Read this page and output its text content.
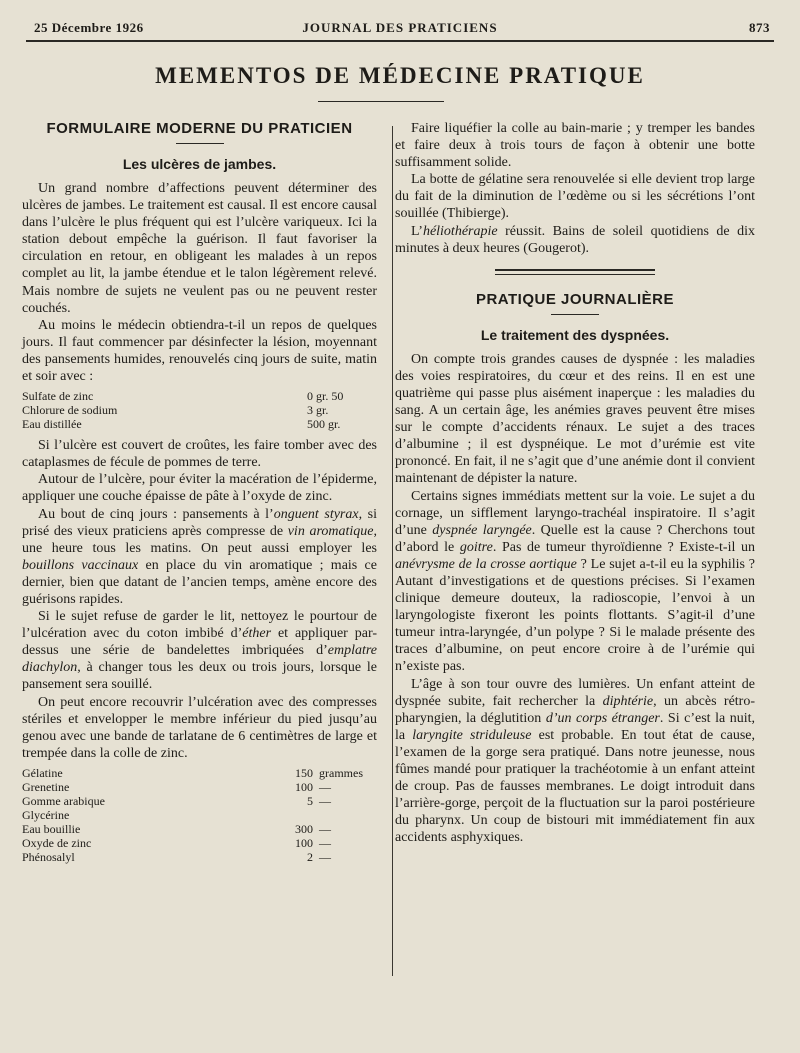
25 Décembre 1926	JOURNAL DES PRATICIENS	873
MEMENTOS DE MÉDECINE PRATIQUE
FORMULAIRE MODERNE DU PRATICIEN
Les ulcères de jambes.

Un grand nombre d’affections peuvent déterminer des ulcères de jambes. Le traitement est causal. Il est encore causal dans l’ulcère le plus fréquent qui est l’ulcère variqueux. Ici la station debout empêche la guérison. Il faut favoriser la circulation en retour, en obligeant les malades à un repos complet au lit, la jambe étendue et le talon légèrement relevé. Mais nombre de sujets ne veulent pas ou ne peuvent rester couchés.

Au moins le médecin obtiendra-t-il un repos de quelques jours. Il faut commencer par désinfecter la lésion, moyennant des pansements humides, renouvelés cinq jours de suite, matin et soir avec :

Sulfate de zinc	0 gr. 50
Chlorure de sodium	3 gr.
Eau distillée	500 gr.

Si l’ulcère est couvert de croûtes, les faire tomber avec des cataplasmes de fécule de pommes de terre.

Autour de l’ulcère, pour éviter la macération de l’épiderme, appliquer une couche épaisse de pâte à l’oxyde de zinc.

Au bout de cinq jours : pansements à l’onguent styrax, si prisé des vieux praticiens après compresse de vin aromatique, une heure tous les matins. On peut aussi employer les bouillons vaccinaux en place du vin aromatique ; mais ce dernier, bien que datant de l’ancien temps, amène encore des guérisons rapides.

Si le sujet refuse de garder le lit, nettoyez le pourtour de l’ulcération avec du coton imbibé d’éther et appliquer par-dessus une série de bandelettes imbriquées d’emplatre diachylon, à changer tous les deux ou trois jours, lorsque le pansement sera souillé.

On peut encore recouvrir l’ulcération avec des compresses stériles et envelopper le membre inférieur du pied jusqu’au genou avec une bande de tarlatane de 6 centimètres de large et trempée dans la colle de zinc.

Gélatine	150 grammes
Grenetine	100 —
Gomme arabique	5 —
Glycérine
Eau bouillie	300 —
Oxyde de zinc	100 —
Phénosalyl	2 —

Faire liquéfier la colle au bain-marie ; y tremper les bandes et faire deux à trois tours de façon à obtenir une botte suffisamment solide.

La botte de gélatine sera renouvelée si elle devient trop large du fait de la diminution de l’œdème ou si les sécrétions l’ont souillée (Thibierge).

L’héliothérapie réussit. Bains de soleil quotidiens de dix minutes à deux heures (Gougerot).

PRATIQUE JOURNALIÈRE
Le traitement des dyspnées.

On compte trois grandes causes de dyspnée : les maladies des voies respiratoires, du cœur et des reins. Il en est une quatrième qui passe plus aisément inaperçue : les maladies du sang. A un certain âge, les anémies graves peuvent être mises sur le compte d’accidents rénaux. Le sujet a des traces d’albumine ; il est dyspnéique. Le mot d’urémie est vite prononcé. En fait, il ne s’agit que d’une anémie dont il convient maintenant de dépister la nature.

Certains signes immédiats mettent sur la voie. Le sujet a du cornage, un sifflement laryngo-trachéal inspiratoire. Il s’agit d’une dyspnée laryngée. Quelle est la cause ? Cherchons tout d’abord le goitre. Pas de tumeur thyroïdienne ? Existe-t-il un anévrysme de la crosse aortique ? Le sujet a-t-il eu la syphilis ? Autant d’investigations et de questions précises. Si l’examen clinique demeure douteux, la radioscopie, l’envoi à un laryngologiste fixeront les points flottants. S’agit-il d’une tumeur intra-laryngée, d’un polype ? Si le malade présente des traces d’albumine, on peut encore croire à de l’urémie qui n’existe pas.

L’âge à son tour ouvre des lumières. Un enfant atteint de dyspnée subite, fait rechercher la diphtérie, un abcès rétro-pharyngien, la déglutition d’un corps étranger. Si c’est la nuit, la laryngite striduleuse est probable. En tout état de cause, l’examen de la gorge sera pratiqué. Dans notre jeunesse, nous fûmes mandé pour pratiquer la trachéotomie à un enfant atteint de croup. Pas de fausses membranes. Le doigt introduit dans l’arrière-gorge, perçoit de la fluctuation sur la paroi postérieure du pharynx. Un coup de bistouri mit immédiatement fin aux accidents asphyxiques.
